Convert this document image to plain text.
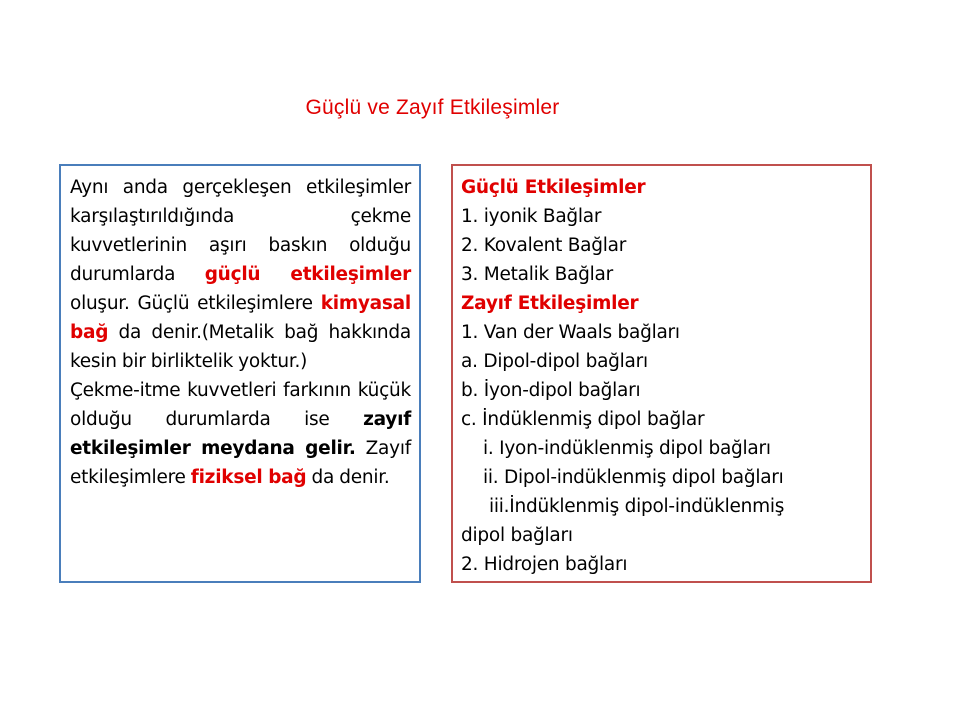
Güçlü ve Zayıf Etkileşimler

Aynı anda gerçekleşen etkileşimler karşılaştırıldığında çekme kuvvetlerinin aşırı baskın olduğu durumlarda güçlü etkileşimler oluşur. Güçlü etkileşimlere kimyasal bağ da denir.(Metalik bağ hakkında kesin bir birliktelik yoktur.)

Çekme-itme kuvvetleri farkının küçük olduğu durumlarda ise zayıf etkileşimler meydana gelir. Zayıf etkileşimlere fiziksel bağ da denir.

Güçlü Etkileşimler
1. iyonik Bağlar
2. Kovalent Bağlar
3. Metalik Bağlar
Zayıf Etkileşimler
1. Van der Waals bağları
a. Dipol-dipol bağları
b. İyon-dipol bağları
c. İndüklenmiş dipol bağlar
i. Iyon-indüklenmiş dipol bağları
ii. Dipol-indüklenmiş dipol bağları
iii.İndüklenmiş dipol-indüklenmiş
dipol bağları
2. Hidrojen bağları
